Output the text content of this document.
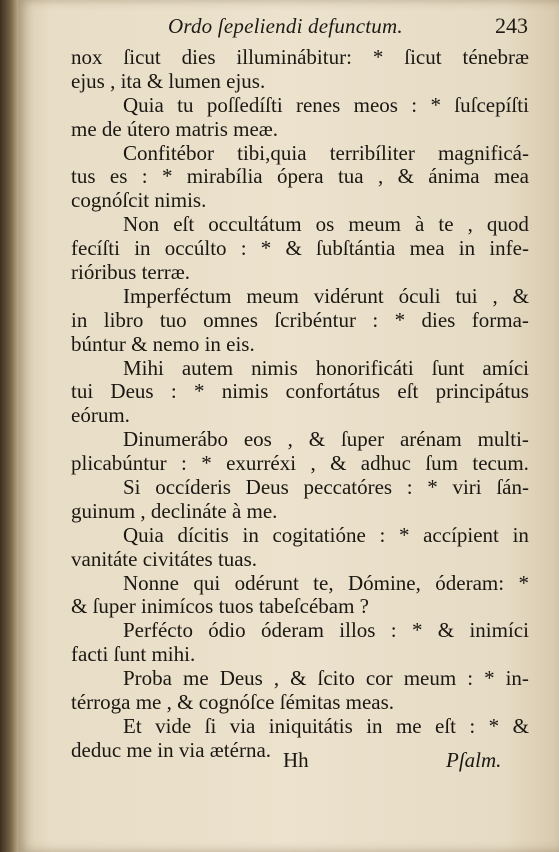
Ordo ſepeliendi defunctum.	243
nox ſicut dies illuminábitur: * ſicut ténebræ
ejus , ita & lumen ejus.
Quia tu poſſedíſti renes meos : * ſuſcepíſti
me de útero matris meæ.
Confitébor tibi,quia terribíliter magnificá-
tus es : * mirabília ópera tua , & ánima mea
cognóſcit nimis.
Non eſt occultátum os meum à te , quod
fecíſti in occúlto : * & ſubſtántia mea in infe-
rióribus terræ.
Imperféctum meum vidérunt óculi tui , &
in libro tuo omnes ſcribéntur : * dies forma-
búntur & nemo in eis.
Mihi autem nimis honorificáti ſunt amíci
tui Deus : * nimis confortátus eſt principátus
eórum.
Dinumerábo eos , & ſuper arénam multi-
plicabúntur : * exurréxi , & adhuc ſum tecum.
Si occíderis Deus peccatóres : * viri ſán-
guinum , declináte à me.
Quia dícitis in cogitatióne : * accípient in
vanitáte civitátes tuas.
Nonne qui odérunt te, Dómine, óderam: *
& ſuper inimícos tuos tabeſcébam ?
Perfécto ódio óderam illos : * & inimíci
facti ſunt mihi.
Proba me Deus , & ſcito cor meum : * in-
térroga me , & cognóſce ſémitas meas.
Et vide ſi via iniquitátis in me eſt : * &
deduc me in via ætérna. Hh	Pſalm.
